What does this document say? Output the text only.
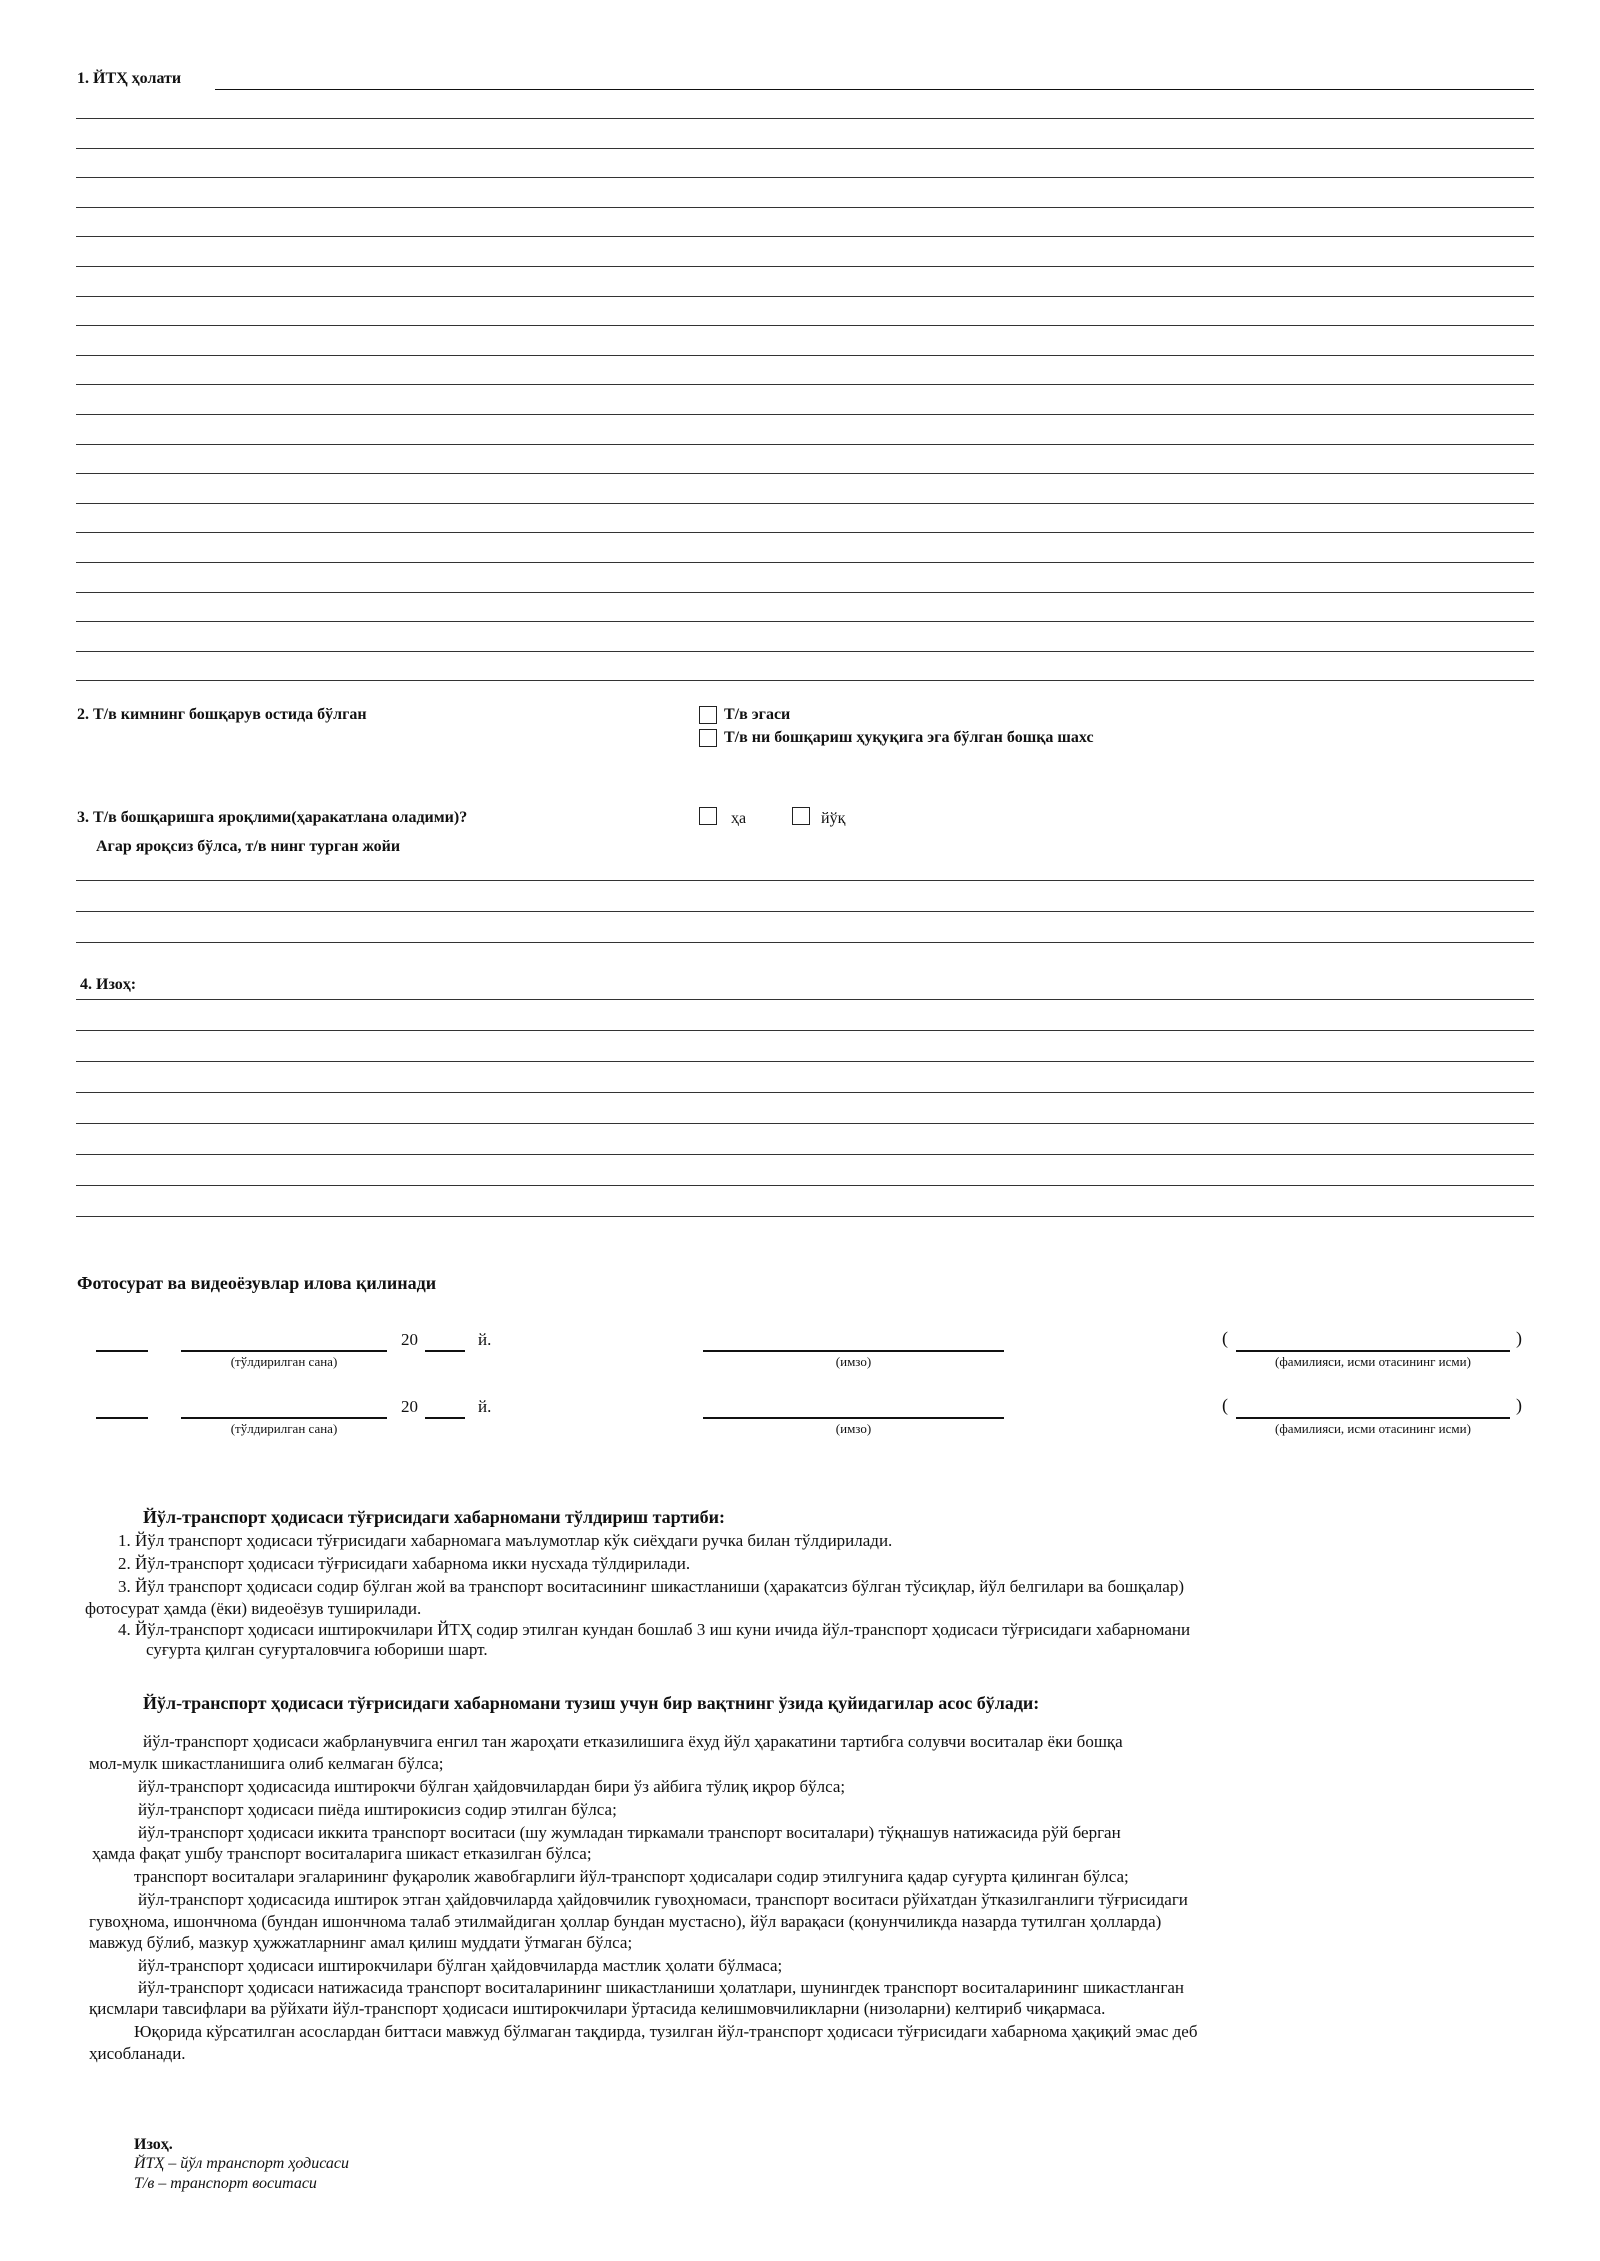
1. ЙТҲ ҳолати
2. Т/в кимнинг бошқарув остида бўлган	Т/в эгаси
Т/в ни бошқариш ҳуқуқига эга бўлган бошқа шахс
3. Т/в бошқаришга яроқлими(ҳаракатлана оладими)?
Агар яроқсиз бўлса, т/в нинг турган жойи
ҳа	йўқ
4. Изоҳ:
Фотосурат ва видеоёзувлар илова қилинади
20	й.
(тўлдирилган сана)	(имзо)
(	)
(фамилияси, исми отасининг исми)
20	й.
(тўлдирилган сана)	(имзо)
(	)
(фамилияси, исми отасининг исми)
Йўл-транспорт ҳодисаси тўғрисидаги хабарномани тўлдириш тартиби:
1. Йўл транспорт ҳодисаси тўғрисидаги хабарномага маълумотлар кўк сиёҳдаги ручка билан тўлдирилади.
2. Йўл-транспорт ҳодисаси тўғрисидаги хабарнома икки нусхада тўлдирилади.
3. Йўл транспорт ҳодисаси содир бўлган жой ва транспорт воситасининг шикастланиши (ҳаракатсиз бўлган тўсиқлар, йўл белгилари ва бошқалар)
фотосурат ҳамда (ёки) видеоёзув туширилади.
4. Йўл-транспорт ҳодисаси иштирокчилари ЙТҲ содир этилган кундан бошлаб 3 иш куни ичида йўл-транспорт ҳодисаси тўғрисидаги хабарномани
суғурта қилган суғурталовчига юбориши шарт.
Йўл-транспорт ҳодисаси тўғрисидаги хабарномани тузиш учун бир вақтнинг ўзида қуйидагилар асос бўлади:
йўл-транспорт ҳодисаси жабрланувчига енгил тан жароҳати етказилишига ёхуд йўл ҳаракатини тартибга солувчи воситалар ёки бошқа
мол-мулк шикастланишига олиб келмаган бўлса;
йўл-транспорт ҳодисасида иштирокчи бўлган ҳайдовчилардан бири ўз айбига тўлиқ иқрор бўлса;
йўл-транспорт ҳодисаси пиёда иштирокисиз содир этилган бўлса;
йўл-транспорт ҳодисаси иккита транспорт воситаси (шу жумладан тиркамали транспорт воситалари) тўқнашув натижасида рўй берган
ҳамда фақат ушбу транспорт воситаларига шикаст етказилган бўлса;
транспорт воситалари эгаларининг фуқаролик жавобгарлиги йўл-транспорт ҳодисалари содир этилгунига қадар суғурта қилинган бўлса;
йўл-транспорт ҳодисасида иштирок этган ҳайдовчиларда ҳайдовчилик гувоҳномаси, транспорт воситаси рўйхатдан ўтказилганлиги тўғрисидаги
гувоҳнома, ишончнома (бундан ишончнома талаб этилмайдиган ҳоллар бундан мустасно), йўл варақаси (қонунчиликда назарда тутилган ҳолларда)
мавжуд бўлиб, мазкур ҳужжатларнинг амал қилиш муддати ўтмаган бўлса;
йўл-транспорт ҳодисаси иштирокчилари бўлган ҳайдовчиларда мастлик ҳолати бўлмаса;
йўл-транспорт ҳодисаси натижасида транспорт воситаларининг шикастланиши ҳолатлари, шунингдек транспорт воситаларининг шикастланган
қисмлари тавсифлари ва рўйхати йўл-транспорт ҳодисаси иштирокчилари ўртасида келишмовчиликларни (низоларни) келтириб чиқармаса.
Юқорида кўрсатилган асослардан биттаси мавжуд бўлмаган тақдирда, тузилган йўл-транспорт ҳодисаси тўғрисидаги хабарнома ҳақиқий эмас деб
ҳисобланади.
Изоҳ.
ЙТҲ – йўл транспорт ҳодисаси
Т/в – транспорт воситаси
